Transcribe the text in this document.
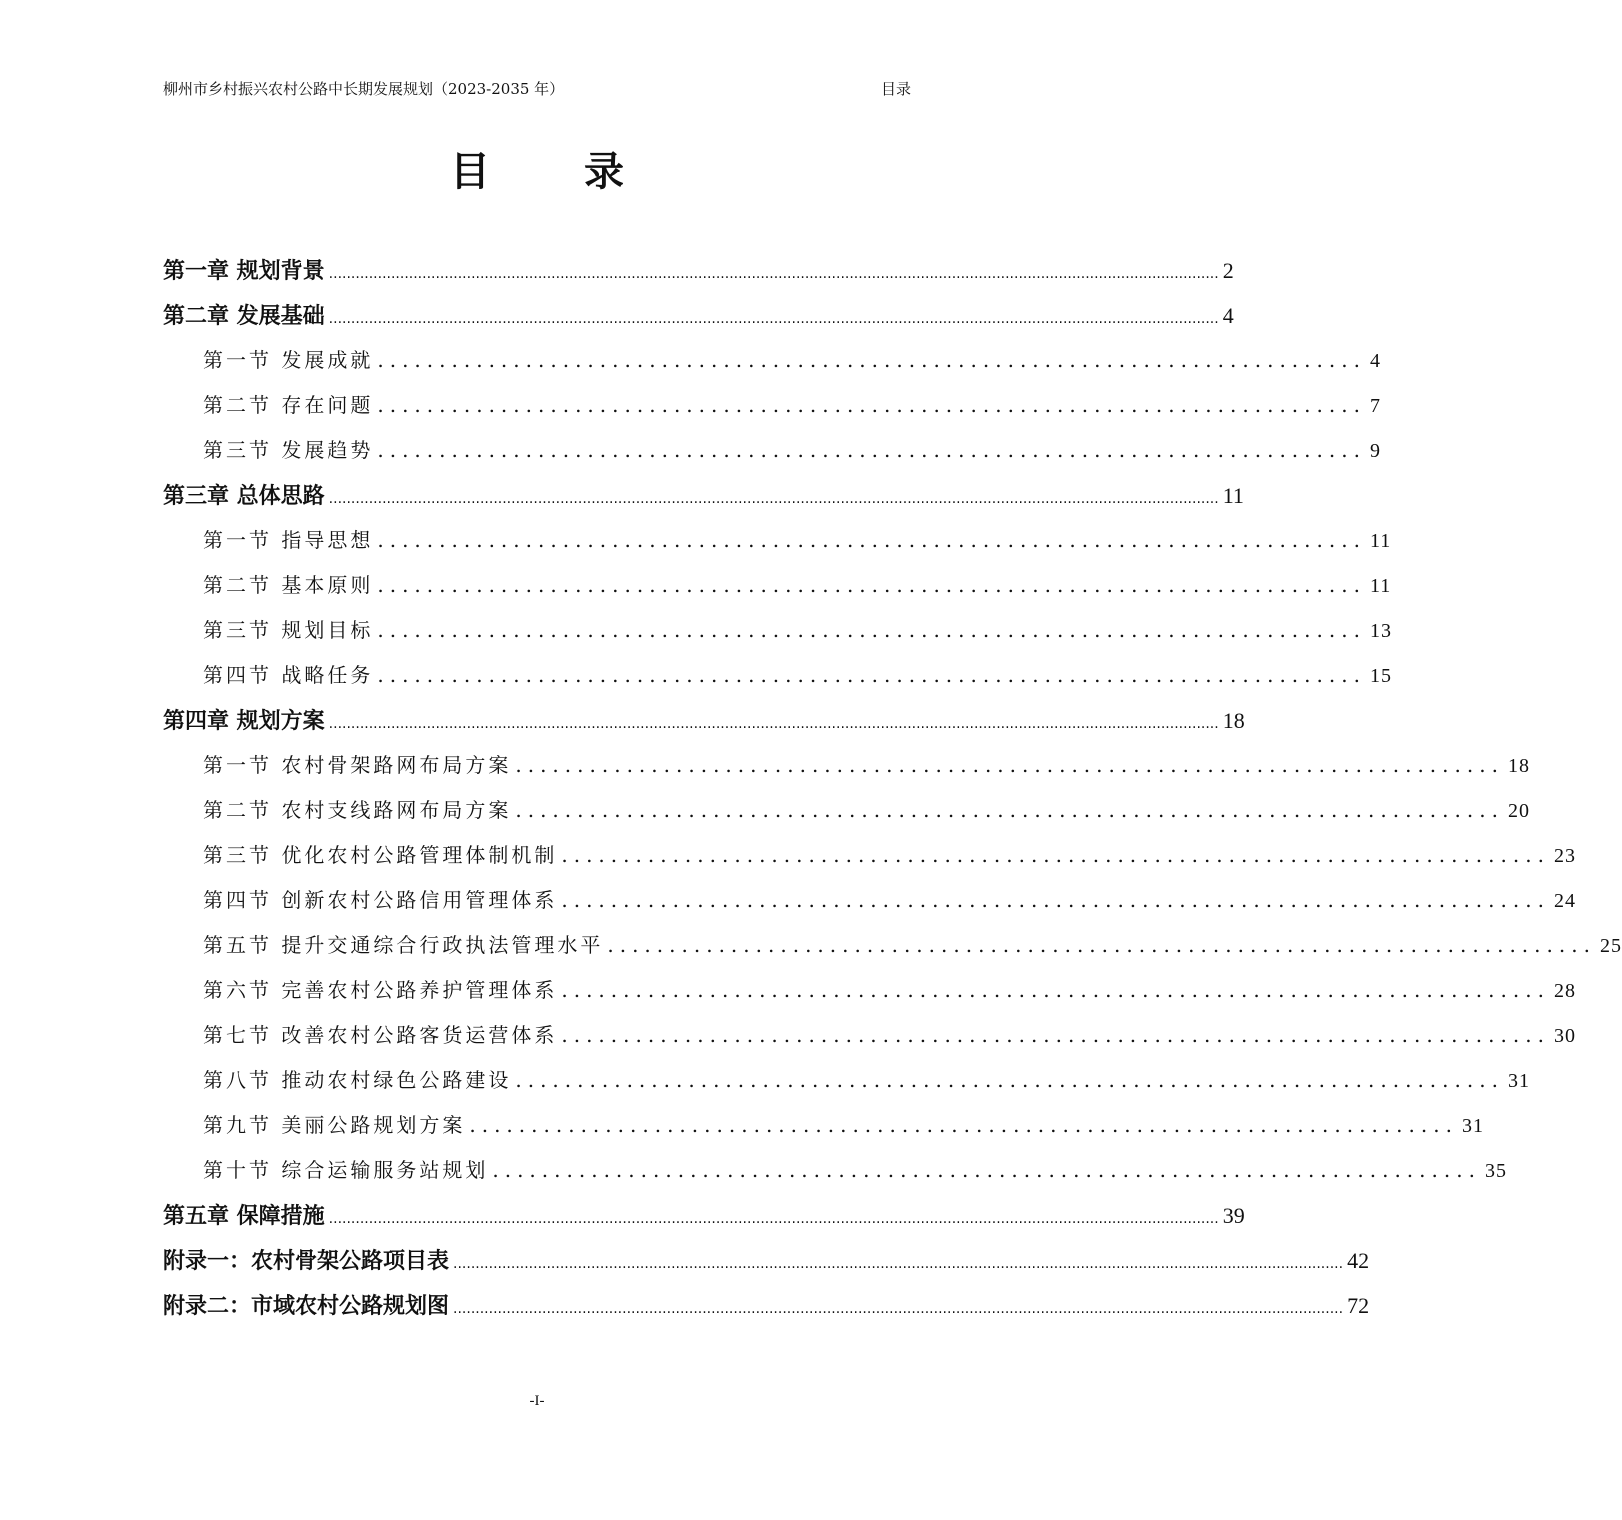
柳州市乡村振兴农村公路中长期发展规划（2023-2035 年）	目录
目 录
第一章 规划背景 ........................................................................................................................................................................................................ 2
第二章 发展基础 ........................................................................................................................................................................................................ 4
第一节 发展成就 ................................................................................ 4
第二节 存在问题 ................................................................................ 7
第三节 发展趋势 ................................................................................ 9
第三章 总体思路 ........................................................................................................................................................................................................ 11
第一节 指导思想 ................................................................................ 11
第二节 基本原则 ................................................................................ 11
第三节 规划目标 ................................................................................ 13
第四节 战略任务 ................................................................................ 15
第四章 规划方案 ........................................................................................................................................................................................................ 18
第一节 农村骨架路网布局方案 ................................................................................ 18
第二节 农村支线路网布局方案 ................................................................................ 20
第三节 优化农村公路管理体制机制 ................................................................................ 23
第四节 创新农村公路信用管理体系 ................................................................................ 24
第五节 提升交通综合行政执法管理水平 ................................................................................ 25
第六节 完善农村公路养护管理体系 ................................................................................ 28
第七节 改善农村公路客货运营体系 ................................................................................ 30
第八节 推动农村绿色公路建设 ................................................................................ 31
第九节 美丽公路规划方案 ................................................................................ 31
第十节 综合运输服务站规划 ................................................................................ 35
第五章 保障措施 ........................................................................................................................................................................................................ 39
附录一：农村骨架公路项目表 ........................................................................................................................................................................................................ 42
附录二：市域农村公路规划图 ........................................................................................................................................................................................................ 72
-I-
